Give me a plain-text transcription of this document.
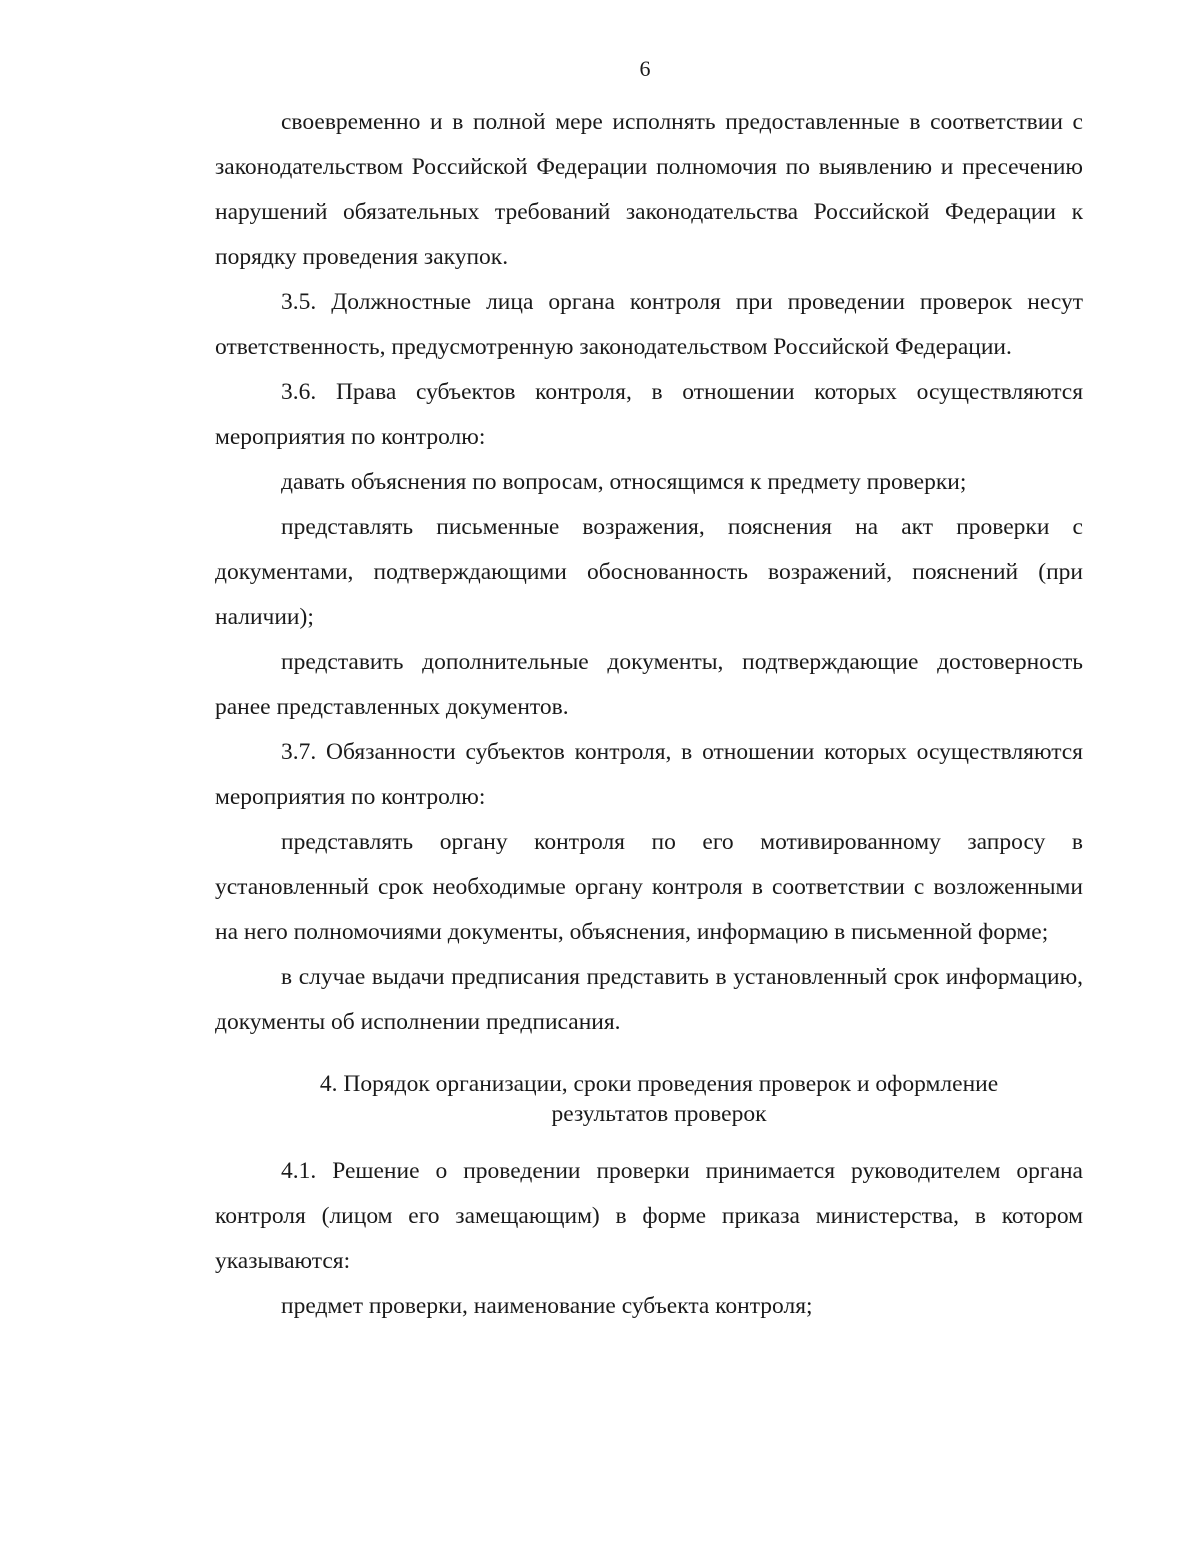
6

своевременно и в полной мере исполнять предоставленные в соответствии с законодательством Российской Федерации полномочия по выявлению и пресечению нарушений обязательных требований законодательства Российской Федерации к порядку проведения закупок.

3.5. Должностные лица органа контроля при проведении проверок несут ответственность, предусмотренную законодательством Российской Федерации.

3.6. Права субъектов контроля, в отношении которых осуществляются мероприятия по контролю:

давать объяснения по вопросам, относящимся к предмету проверки;

представлять письменные возражения, пояснения на акт проверки с документами, подтверждающими обоснованность возражений, пояснений (при наличии);

представить дополнительные документы, подтверждающие достоверность ранее представленных документов.

3.7. Обязанности субъектов контроля, в отношении которых осуществляются мероприятия по контролю:

представлять органу контроля по его мотивированному запросу в установленный срок необходимые органу контроля в соответствии с возложенными на него полномочиями документы, объяснения, информацию в письменной форме;

в случае выдачи предписания представить в установленный срок информацию, документы об исполнении предписания.

4. Порядок организации, сроки проведения проверок и оформление
результатов проверок

4.1. Решение о проведении проверки принимается руководителем органа контроля (лицом его замещающим) в форме приказа министерства, в котором указываются:

предмет проверки, наименование субъекта контроля;
